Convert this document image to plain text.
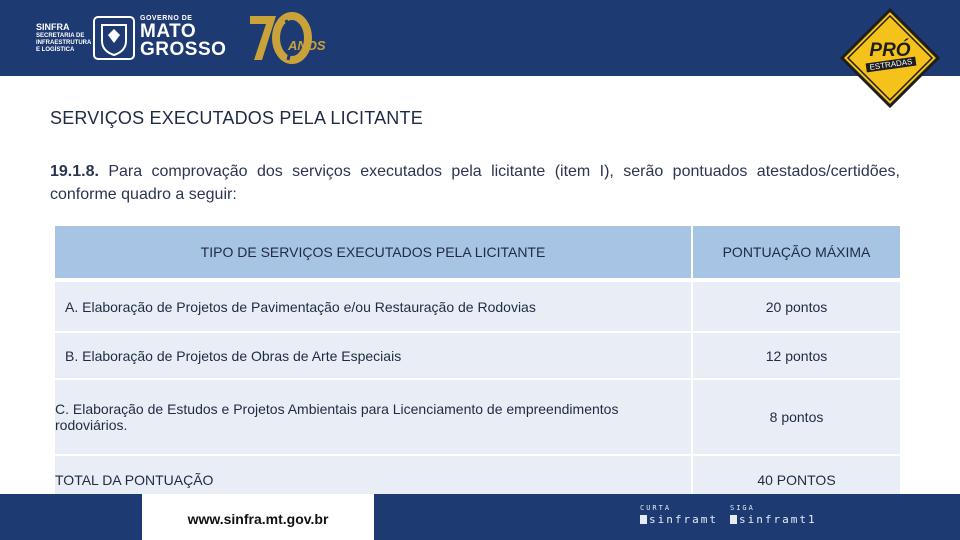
SINFRA
SECRETARIA DE
INFRAESTRUTURA
E LOGÍSTICA
GOVERNO DE
MATO
GROSSO	ANOS	PRÓ
ESTRADAS
SERVIÇOS EXECUTADOS PELA LICITANTE
19.1.8. Para comprovação dos serviços executados pela licitante (item I), serão pontuados atestados/certidões, conforme quadro a seguir:
TIPO DE SERVIÇOS EXECUTADOS PELA LICITANTE	PONTUAÇÃO MÁXIMA
A. Elaboração de Projetos de Pavimentação e/ou Restauração de Rodovias	20 pontos
B. Elaboração de Projetos de Obras de Arte Especiais	12 pontos
C. Elaboração de Estudos e Projetos Ambientais para Licenciamento de empreendimentos rodoviários.	8 pontos
TOTAL DA PONTUAÇÃO	40 PONTOS
www.sinfra.mt.gov.br
CURTA
sinframt
SIGA
sinframt1
